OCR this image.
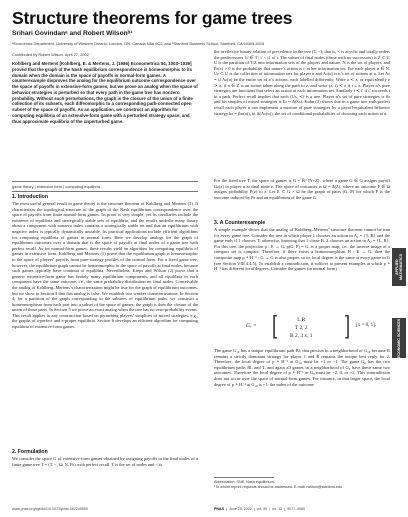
Structure theorems for game trees
Srihari Govindanᵃ and Robert Wilsonᵇ¹
ᵃEconomics Department, University of Western Ontario, London, ON, Canada N6A 5C2; and ᵇStanford Business School, Stanford, CA 94305-5015
Contributed by Robert Wilson, April 27, 2002
Kohlberg and Mertens [Kohlberg, E. & Mertens, J. (1986) Econometrica 54, 1003–1039] proved that the graph of the Nash equilibrium correspondence is homeomorphic to its domain when the domain is the space of payoffs in normal-form games. A counterexample disproves the analog for the equilibrium outcome correspondence over the space of payoffs in extensive-form games, but we prove an analog when the space of behavior strategies is perturbed so that every path in the game tree has nonzero probability. Without such perturbations, the graph is the closure of the union of a finite collection of its subsets, each diffeomorphic to a corresponding path-connected open subset of the space of payoffs. As an application, we construct an algorithm for computing equilibria of an extensive-form game with a perturbed strategy space, and thus approximate equilibria of the unperturbed game.
game theory | extensive form | computing equilibria
1. Introduction
The most useful general result in game theory is the structure theorem of Kohlberg and Mertens (1). It characterizes the topological structure of the graph of the Nash equilibrium correspondence over the space of payoffs from finite normal-form games. Its proof is very simple, yet its corollaries include the existence of equilibria and strategically stable sets of equilibria, and the results underlie many theory about a component with nonzero index contains a strategically stable set and that an equilibrium with negative index is typically dynamically unstable. Its practical applications include efficient algorithms for computing equilibria of games in normal form. Here we develop analogs for the graph of equilibrium outcomes over a domain that is the space of payoffs at final nodes of a game tree with perfect recall. As for normal-form games, these results yield an algorithm for computing equilibria of games in extensive form. Kohlberg and Mertens (1) prove that the equilibrium graph is homeomorphic to the space of players’ payoffs from pure-strategy profiles of the normal form. For a fixed game tree, however, the equilibrium graph cannot be homeomorphic to the space of payoffs at final nodes, because such games typically have continua of equilibria. Nevertheless, Kreps and Wilson (2) prove that a generic extensive-form game has finitely many equilibrium components, and all equilibria in each component have the same outcome, i.e., the same probability distribution on final nodes. Conceivably the analog of Kohlberg–Mertens’s characterization might be true for the graph of equilibrium outcomes, but we show in Section 3 that this analog is false. We establish two weaker characterizations. In Section 4, for a partition of the graph corresponding to the subtrees of equilibrium paths, we construct a homeomorphism from each part into a subset of the space of games; the graph is then the closure of the union of these parts. In Section 5 we prove an exact analog when the tree has no zero-probability events. This result applies to any construction based on perturbing players’ simplices of mixed strategies, e.g., the graphs of ε-perfect and ε-proper equilibria. Section 6 develops an efficient algorithm for computing equilibria of extensive-form games.
2. Formulation
We consider the space G of extensive-form games obtained by assigning payoffs to the final nodes of a finite game tree T = (T, <, Ω, N, Pₙ) with perfect recall. T is the set of nodes and < is
the irreflexive binary relation of precedence in the tree (T, <); that is, < is acyclic and totally orders the predecessors {t′ ∈ T | t′ < t} of t. The subset of final nodes (those with no successors) is Z ⊂ T, U is the partition of T\Z into information sets of the players and nature, N is the set of players, and Pₙ(c) > 0 is the probability that nature’s action is c at her information set. For each player n ∈ N, Uₙ ⊂ U is the collection of information sets for player n and Aₙ(u) is n’s set of actions at u. Let Aₙ = ∪ Aₙ(u) be the entire set of n’s actions, each labelled differently. Write a ≺ z, or equivalently z ≻ a, if a ∈ Z is an action taken along the path to z, and write (a, t) ≺ z if t ≤ z. Player n’s pure strategies are functions that select an action at each information set. Similarly t ≺ t′ if t′ succeeds t in a path. Perfect recall implies that each (Uₙ, ≺) is a tree. Player n’s set of pure strategies is Sₙ and his simplex of mixed strategies is Σₙ = Δ(Sₙ). Kuhn (3) shows that in a game tree with perfect recall each player n can implement a mixture of pure strategies by a payoff-equivalent behavior strategy bₙ = (bₙ(a))ₐ in Δ(Aₙ(u)), the set of conditional probabilities of choosing each action at u.
For the fixed tree T, the space of games is G = ℝ^{N×Z}, where a game G ∈ G assigns payoff Gₙ(z) to player n at final node z. The space of outcomes is Ω = Δ(Z), where an outcome P ∈ Ω assigns probability P(z) to z. Let E ⊂ G × Ω be the graph of pairs (G, P) for which P is the outcome induced by Pₙ and an equilibrium of the game G.
3. A Counterexample
A simple example shows that the analog of Kohlberg–Mertens’ structure theorem cannot be true for every game tree. Consider the tree in which player 1 chooses an action in A₁ = {T, B} and the game ends if 1 chooses T; otherwise, knowing that 1 chose B, 2 chooses an action in A₂ = {L, R}. For this tree, the projection p : E → G, p(G, P) = G, is a proper map; i.e., the inverse image of a compact set is compact. Therefore, if there exists a homeomorphism H : E → G, then the composite map p ∘ H⁻¹ : G → G is also proper, so its local degree is the same at every game in G (see Section VIII.4.4.5). To establish a contradiction, it suffices to present examples at which p ∘ H⁻¹ has different local degrees. Consider the games (in normal form)
Gₓ = [	L R
T 2, 2
B 2, 3 x, 1 ] [x = 0, 1].
The game G₁₉ has a unique equilibrium path Bl, that persists in a neighborhood of G₁₉ because B remains a strictly dominant strategy for player 1 and R remains the unique best reply for 2. Therefore, the local degree of p ∘ H⁻¹ at G₁₉ must be +1 or −1. The game G₀ has the two equilibrium paths Bl, and T, and again all games in a neighborhood of G₀ have these same two outcomes. Therefore the local degree of p ∘ H⁻¹ at G₀ must be −2, 0, or +2. This contradiction does not occur over the space of normal-form games. For instance, in that larger space, the local degree of p ∘ H⁻¹ at G₁₉ is +1: the index of the outcome
Abbreviation: SNE, Nash equilibrium.
¹To whom reprint requests should be addressed. E-mail: rwilson@stanford.edu.
www.pnas.org/cgi/doi/10.1073/pnas.082249599	PNAS  |  June 25, 2002  |  vol. 99  |  no. 13  |  9077–9080
APPLIED MATHEMATICS
ECONOMIC SCIENCES
